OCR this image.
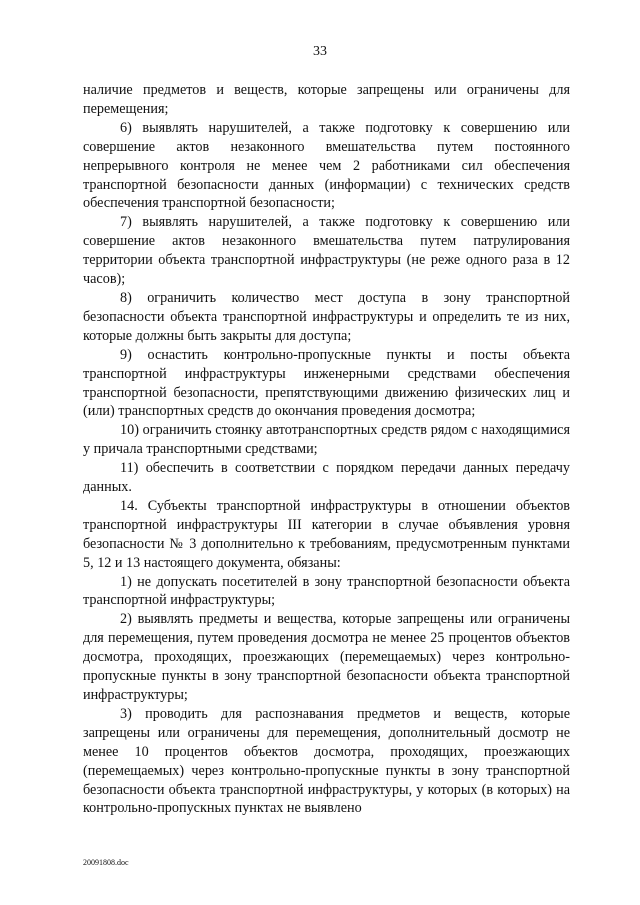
33

наличие предметов и веществ, которые запрещены или ограничены для перемещения;

6) выявлять нарушителей, а также подготовку к совершению или совершение актов незаконного вмешательства путем постоянного непрерывного контроля не менее чем 2 работниками сил обеспечения транспортной безопасности данных (информации) с технических средств обеспечения транспортной безопасности;

7) выявлять нарушителей, а также подготовку к совершению или совершение актов незаконного вмешательства путем патрулирования территории объекта транспортной инфраструктуры (не реже одного раза в 12 часов);

8) ограничить количество мест доступа в зону транспортной безопасности объекта транспортной инфраструктуры и определить те из них, которые должны быть закрыты для доступа;

9) оснастить контрольно-пропускные пункты и посты объекта транспортной инфраструктуры инженерными средствами обеспечения транспортной безопасности, препятствующими движению физических лиц и (или) транспортных средств до окончания проведения досмотра;

10) ограничить стоянку автотранспортных средств рядом с находящимися у причала транспортными средствами;

11) обеспечить в соответствии с порядком передачи данных передачу данных.

14. Субъекты транспортной инфраструктуры в отношении объектов транспортной инфраструктуры III категории в случае объявления уровня безопасности № 3 дополнительно к требованиям, предусмотренным пунктами 5, 12 и 13 настоящего документа, обязаны:

1) не допускать посетителей в зону транспортной безопасности объекта транспортной инфраструктуры;

2) выявлять предметы и вещества, которые запрещены или ограничены для перемещения, путем проведения досмотра не менее 25 процентов объектов досмотра, проходящих, проезжающих (перемещаемых) через контрольно-пропускные пункты в зону транспортной безопасности объекта транспортной инфраструктуры;

3) проводить для распознавания предметов и веществ, которые запрещены или ограничены для перемещения, дополнительный досмотр не менее 10 процентов объектов досмотра, проходящих, проезжающих (перемещаемых) через контрольно-пропускные пункты в зону транспортной безопасности объекта транспортной инфраструктуры, у которых (в которых) на контрольно-пропускных пунктах не выявлено

20091808.doc
